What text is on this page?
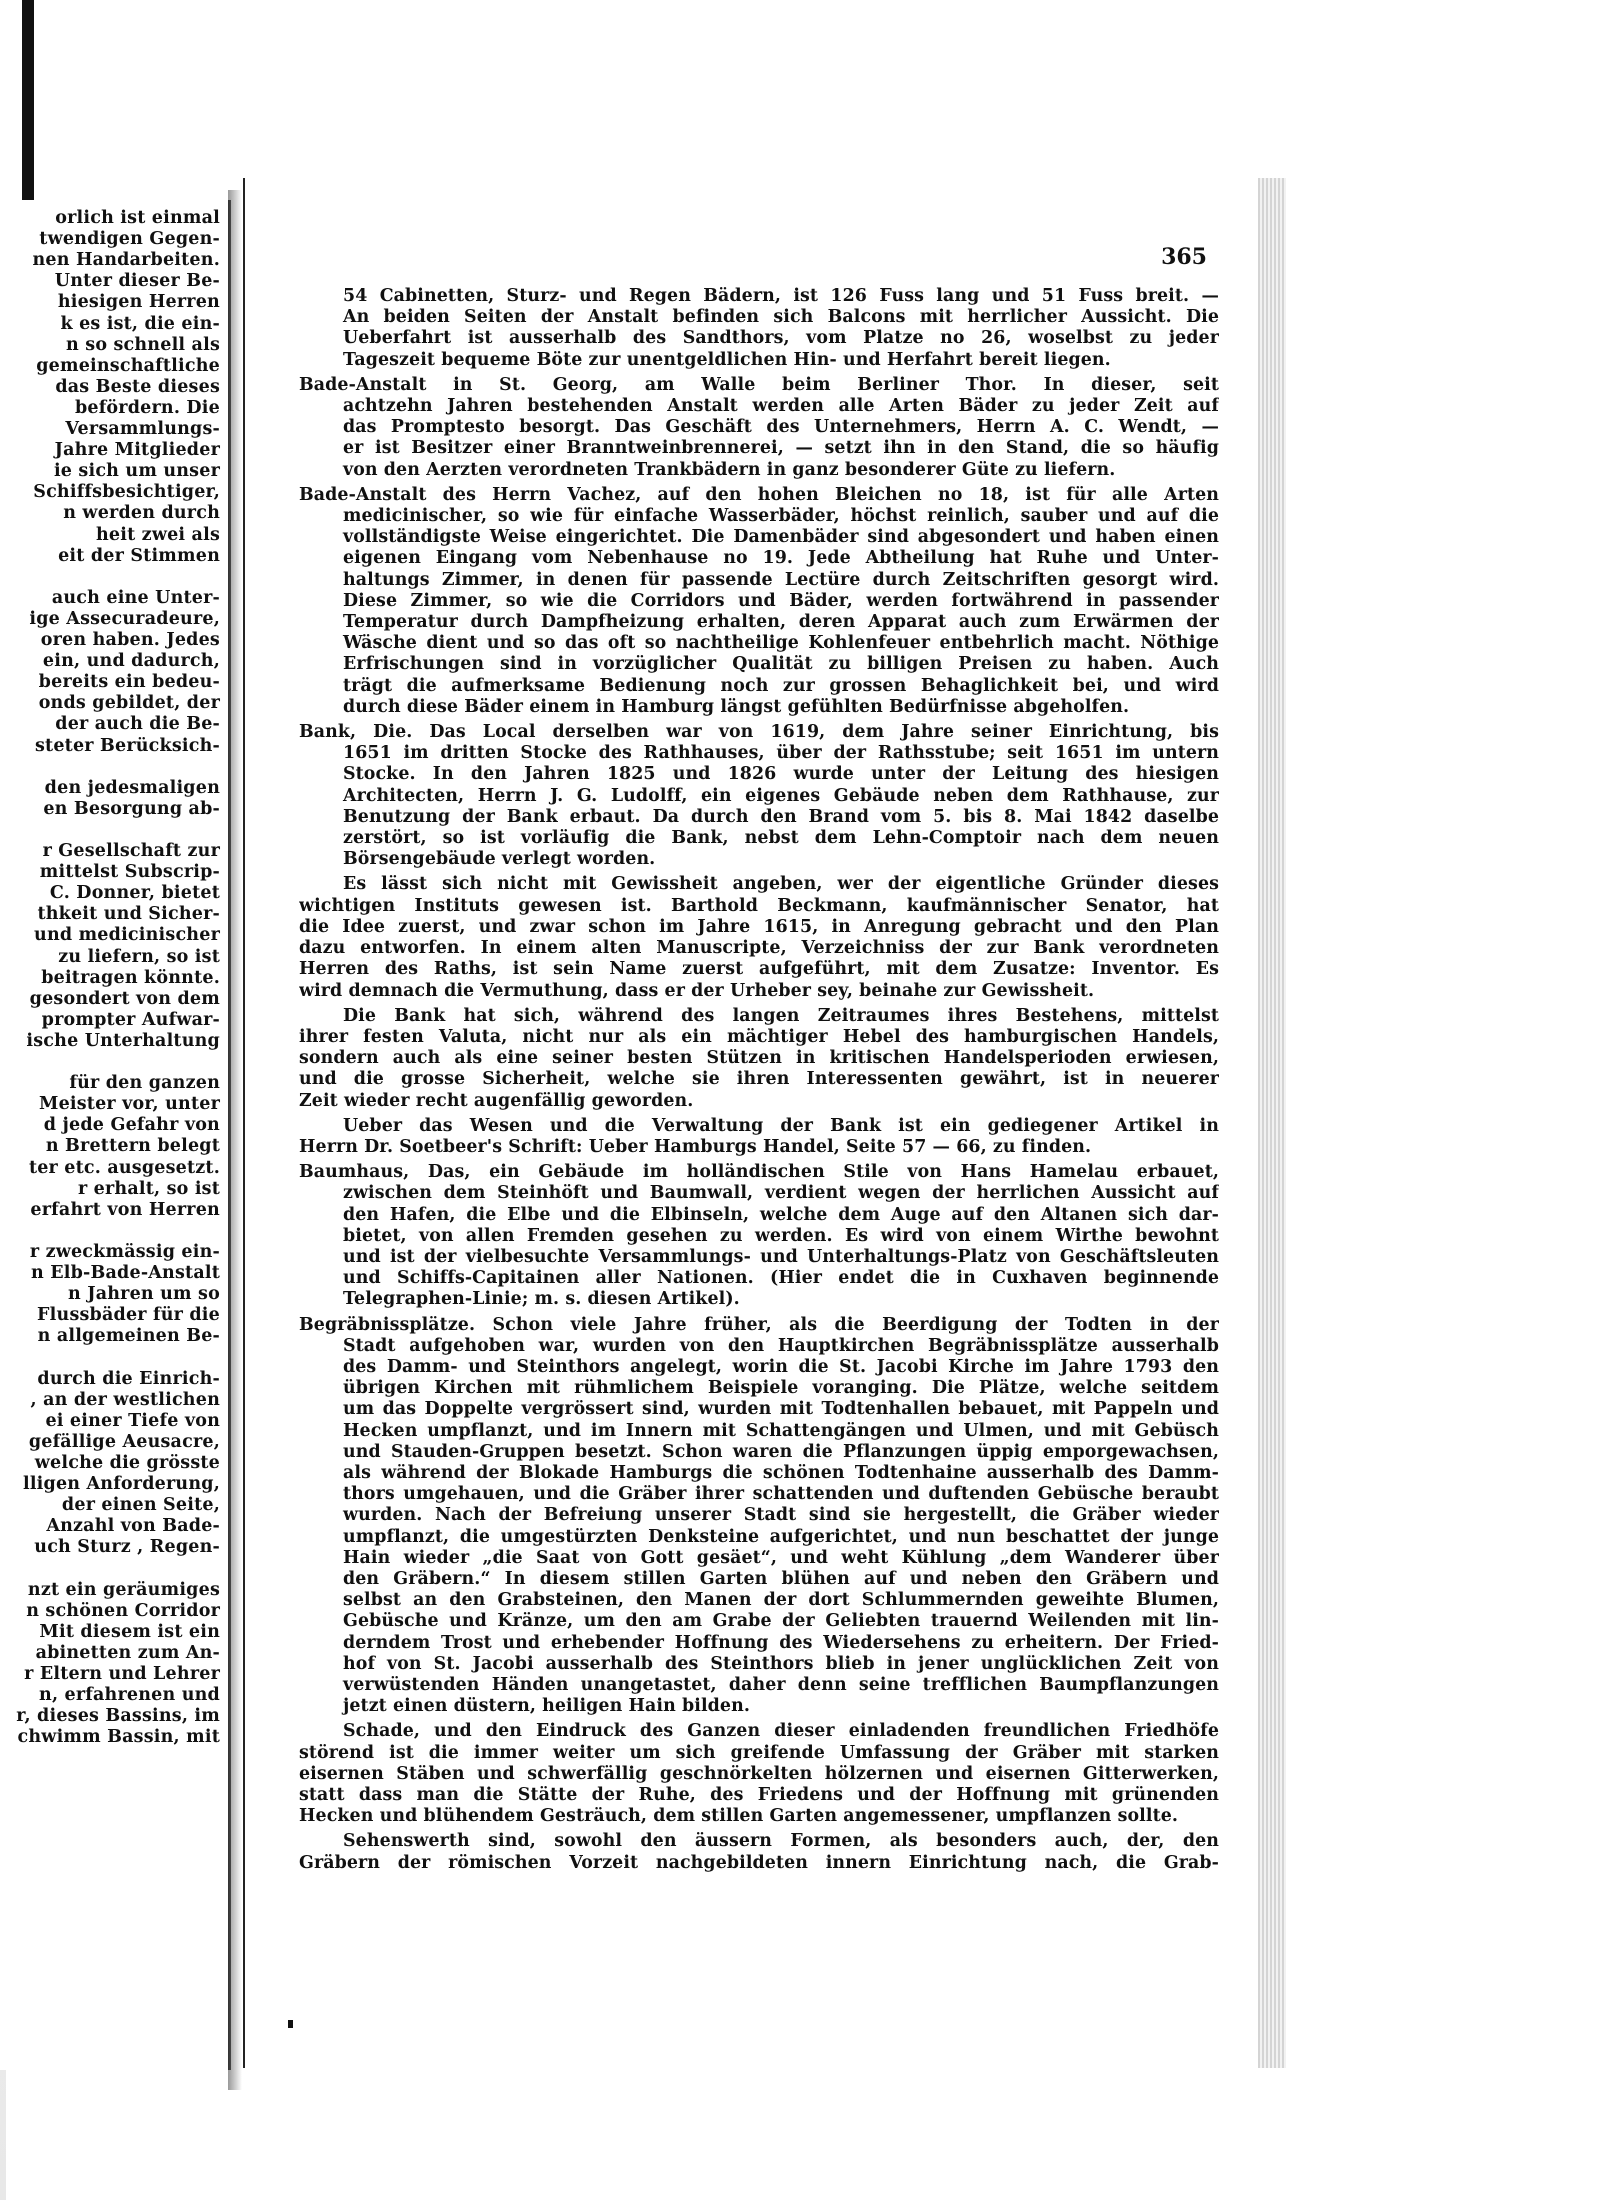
orlich ist einmal
twendigen Gegen-
nen Handarbeiten.
Unter dieser Be-
hiesigen Herren
k es ist, die ein-
n so schnell als
gemeinschaftliche
das Beste dieses
befördern. Die
Versammlungs-
Jahre Mitglieder
ie sich um unser
Schiffsbesichtiger,
n werden durch
heit zwei als
eit der Stimmen
auch eine Unter-
ige Assecuradeure,
oren haben. Jedes
ein, und dadurch,
bereits ein bedeu-
onds gebildet, der
der auch die Be-
steter Berücksich-
den jedesmaligen
en Besorgung ab-
r Gesellschaft zur
mittelst Subscrip-
C. Donner, bietet
thkeit und Sicher-
und medicinischer
zu liefern, so ist
beitragen könnte.
gesondert von dem
prompter Aufwar-
ische Unterhaltung
für den ganzen
Meister vor, unter
d jede Gefahr von
n Brettern belegt
ter etc. ausgesetzt.
r erhalt, so ist
erfahrt von Herren
r zweckmässig ein-
n Elb-Bade-Anstalt
n Jahren um so
Flussbäder für die
n allgemeinen Be-
durch die Einrich-
, an der westlichen
ei einer Tiefe von
gefällige Aeusacre,
welche die grösste
lligen Anforderung,
der einen Seite,
Anzahl von Bade-
uch Sturz , Regen-
nzt ein geräumiges
n schönen Corridor
Mit diesem ist ein
abinetten zum An-
r Eltern und Lehrer
n, erfahrenen und
r, dieses Bassins, im
chwimm Bassin, mit
365
54 Cabinetten, Sturz- und Regen Bädern, ist 126 Fuss lang und 51 Fuss breit. —
An beiden Seiten der Anstalt befinden sich Balcons mit herrlicher Aussicht. Die
Ueberfahrt ist ausserhalb des Sandthors, vom Platze no 26, woselbst zu jeder
Tageszeit bequeme Böte zur unentgeldlichen Hin- und Herfahrt bereit liegen.
Bade-Anstalt in St. Georg, am Walle beim Berliner Thor. In dieser, seit
achtzehn Jahren bestehenden Anstalt werden alle Arten Bäder zu jeder Zeit auf
das Promptesto besorgt. Das Geschäft des Unternehmers, Herrn A. C. Wendt, —
er ist Besitzer einer Branntweinbrennerei, — setzt ihn in den Stand, die so häufig
von den Aerzten verordneten Trankbädern in ganz besonderer Güte zu liefern.
Bade-Anstalt des Herrn Vachez, auf den hohen Bleichen no 18, ist für alle Arten
medicinischer, so wie für einfache Wasserbäder, höchst reinlich, sauber und auf die
vollständigste Weise eingerichtet. Die Damenbäder sind abgesondert und haben einen
eigenen Eingang vom Nebenhause no 19. Jede Abtheilung hat Ruhe und Unter-
haltungs Zimmer, in denen für passende Lectüre durch Zeitschriften gesorgt wird.
Diese Zimmer, so wie die Corridors und Bäder, werden fortwährend in passender
Temperatur durch Dampfheizung erhalten, deren Apparat auch zum Erwärmen der
Wäsche dient und so das oft so nachtheilige Kohlenfeuer entbehrlich macht. Nöthige
Erfrischungen sind in vorzüglicher Qualität zu billigen Preisen zu haben. Auch
trägt die aufmerksame Bedienung noch zur grossen Behaglichkeit bei, und wird
durch diese Bäder einem in Hamburg längst gefühlten Bedürfnisse abgeholfen.
Bank, Die. Das Local derselben war von 1619, dem Jahre seiner Einrichtung, bis
1651 im dritten Stocke des Rathhauses, über der Rathsstube; seit 1651 im untern
Stocke. In den Jahren 1825 und 1826 wurde unter der Leitung des hiesigen
Architecten, Herrn J. G. Ludolff, ein eigenes Gebäude neben dem Rathhause, zur
Benutzung der Bank erbaut. Da durch den Brand vom 5. bis 8. Mai 1842 daselbe
zerstört, so ist vorläufig die Bank, nebst dem Lehn-Comptoir nach dem neuen
Börsengebäude verlegt worden.
Es lässt sich nicht mit Gewissheit angeben, wer der eigentliche Gründer dieses
wichtigen Instituts gewesen ist. Barthold Beckmann, kaufmännischer Senator, hat
die Idee zuerst, und zwar schon im Jahre 1615, in Anregung gebracht und den Plan
dazu entworfen. In einem alten Manuscripte, Verzeichniss der zur Bank verordneten
Herren des Raths, ist sein Name zuerst aufgeführt, mit dem Zusatze: Inventor. Es
wird demnach die Vermuthung, dass er der Urheber sey, beinahe zur Gewissheit.
Die Bank hat sich, während des langen Zeitraumes ihres Bestehens, mittelst
ihrer festen Valuta, nicht nur als ein mächtiger Hebel des hamburgischen Handels,
sondern auch als eine seiner besten Stützen in kritischen Handelsperioden erwiesen,
und die grosse Sicherheit, welche sie ihren Interessenten gewährt, ist in neuerer
Zeit wieder recht augenfällig geworden.
Ueber das Wesen und die Verwaltung der Bank ist ein gediegener Artikel in
Herrn Dr. Soetbeer's Schrift: Ueber Hamburgs Handel, Seite 57 — 66, zu finden.
Baumhaus, Das, ein Gebäude im holländischen Stile von Hans Hamelau erbauet,
zwischen dem Steinhöft und Baumwall, verdient wegen der herrlichen Aussicht auf
den Hafen, die Elbe und die Elbinseln, welche dem Auge auf den Altanen sich dar-
bietet, von allen Fremden gesehen zu werden. Es wird von einem Wirthe bewohnt
und ist der vielbesuchte Versammlungs- und Unterhaltungs-Platz von Geschäftsleuten
und Schiffs-Capitainen aller Nationen. (Hier endet die in Cuxhaven beginnende
Telegraphen-Linie; m. s. diesen Artikel).
Begräbnissplätze. Schon viele Jahre früher, als die Beerdigung der Todten in der
Stadt aufgehoben war, wurden von den Hauptkirchen Begräbnissplätze ausserhalb
des Damm- und Steinthors angelegt, worin die St. Jacobi Kirche im Jahre 1793 den
übrigen Kirchen mit rühmlichem Beispiele voranging. Die Plätze, welche seitdem
um das Doppelte vergrössert sind, wurden mit Todtenhallen bebauet, mit Pappeln und
Hecken umpflanzt, und im Innern mit Schattengängen und Ulmen, und mit Gebüsch
und Stauden-Gruppen besetzt. Schon waren die Pflanzungen üppig emporgewachsen,
als während der Blokade Hamburgs die schönen Todtenhaine ausserhalb des Damm-
thors umgehauen, und die Gräber ihrer schattenden und duftenden Gebüsche beraubt
wurden. Nach der Befreiung unserer Stadt sind sie hergestellt, die Gräber wieder
umpflanzt, die umgestürzten Denksteine aufgerichtet, und nun beschattet der junge
Hain wieder „die Saat von Gott gesäet“, und weht Kühlung „dem Wanderer über
den Gräbern.“ In diesem stillen Garten blühen auf und neben den Gräbern und
selbst an den Grabsteinen, den Manen der dort Schlummernden geweihte Blumen,
Gebüsche und Kränze, um den am Grabe der Geliebten trauernd Weilenden mit lin-
derndem Trost und erhebender Hoffnung des Wiedersehens zu erheitern. Der Fried-
hof von St. Jacobi ausserhalb des Steinthors blieb in jener unglücklichen Zeit von
verwüstenden Händen unangetastet, daher denn seine trefflichen Baumpflanzungen
jetzt einen düstern, heiligen Hain bilden.
Schade, und den Eindruck des Ganzen dieser einladenden freundlichen Friedhöfe
störend ist die immer weiter um sich greifende Umfassung der Gräber mit starken
eisernen Stäben und schwerfällig geschnörkelten hölzernen und eisernen Gitterwerken,
statt dass man die Stätte der Ruhe, des Friedens und der Hoffnung mit grünenden
Hecken und blühendem Gesträuch, dem stillen Garten angemessener, umpflanzen sollte.
Sehenswerth sind, sowohl den äussern Formen, als besonders auch, der, den
Gräbern der römischen Vorzeit nachgebildeten innern Einrichtung nach, die Grab-
